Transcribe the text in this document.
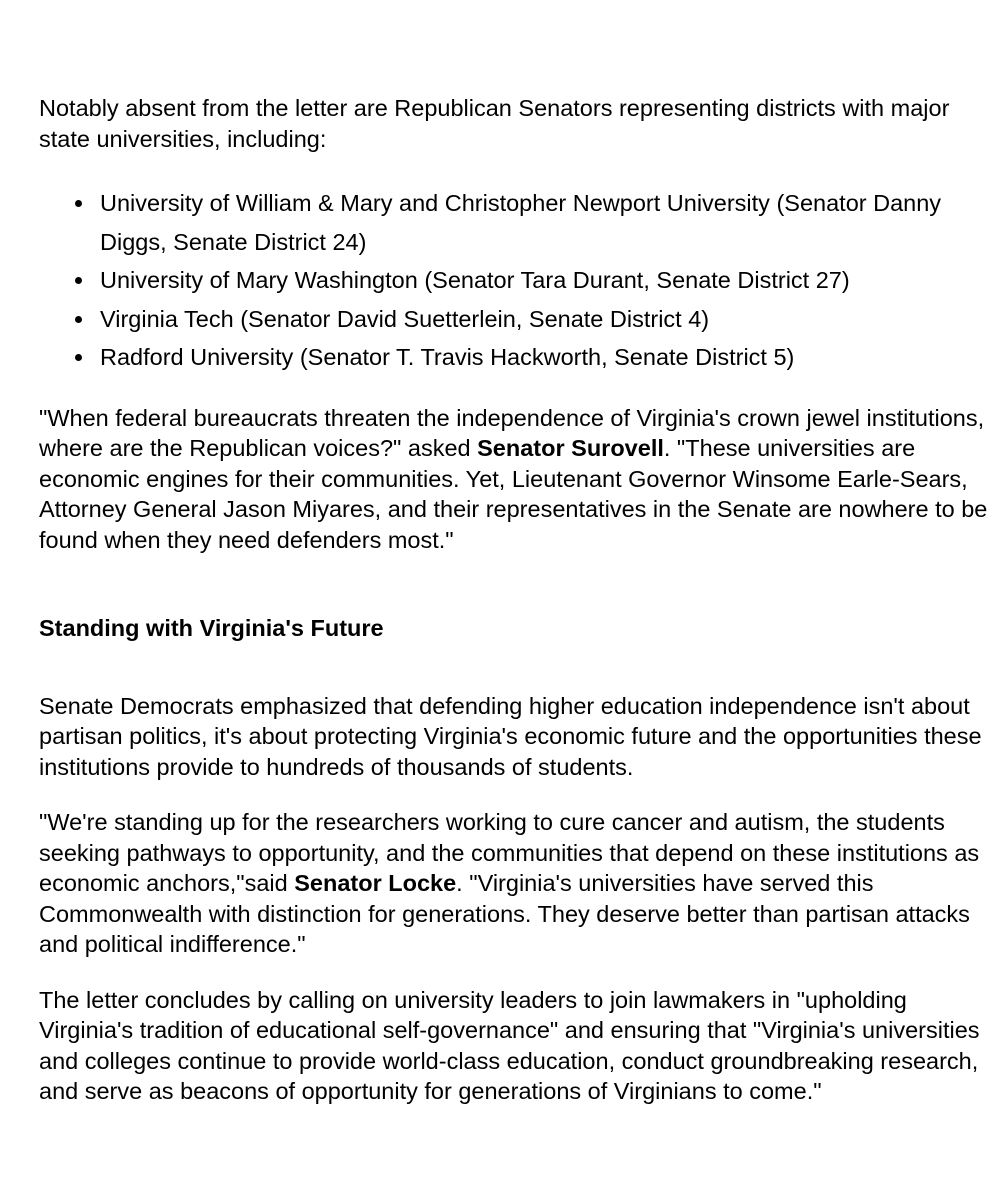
Notably absent from the letter are Republican Senators representing districts with major state universities, including:

University of William & Mary and Christopher Newport University (Senator Danny Diggs, Senate District 24)
University of Mary Washington (Senator Tara Durant, Senate District 27)
Virginia Tech (Senator David Suetterlein, Senate District 4)
Radford University (Senator T. Travis Hackworth, Senate District 5)

"When federal bureaucrats threaten the independence of Virginia's crown jewel institutions, where are the Republican voices?" asked Senator Surovell. "These universities are economic engines for their communities. Yet, Lieutenant Governor Winsome Earle-Sears, Attorney General Jason Miyares, and their representatives in the Senate are nowhere to be found when they need defenders most."

Standing with Virginia's Future

Senate Democrats emphasized that defending higher education independence isn't about partisan politics, it's about protecting Virginia's economic future and the opportunities these institutions provide to hundreds of thousands of students.

"We're standing up for the researchers working to cure cancer and autism, the students seeking pathways to opportunity, and the communities that depend on these institutions as economic anchors,"said Senator Locke. "Virginia's universities have served this Commonwealth with distinction for generations. They deserve better than partisan attacks and political indifference."

The letter concludes by calling on university leaders to join lawmakers in "upholding Virginia's tradition of educational self-governance" and ensuring that "Virginia's universities and colleges continue to provide world-class education, conduct groundbreaking research, and serve as beacons of opportunity for generations of Virginians to come."
